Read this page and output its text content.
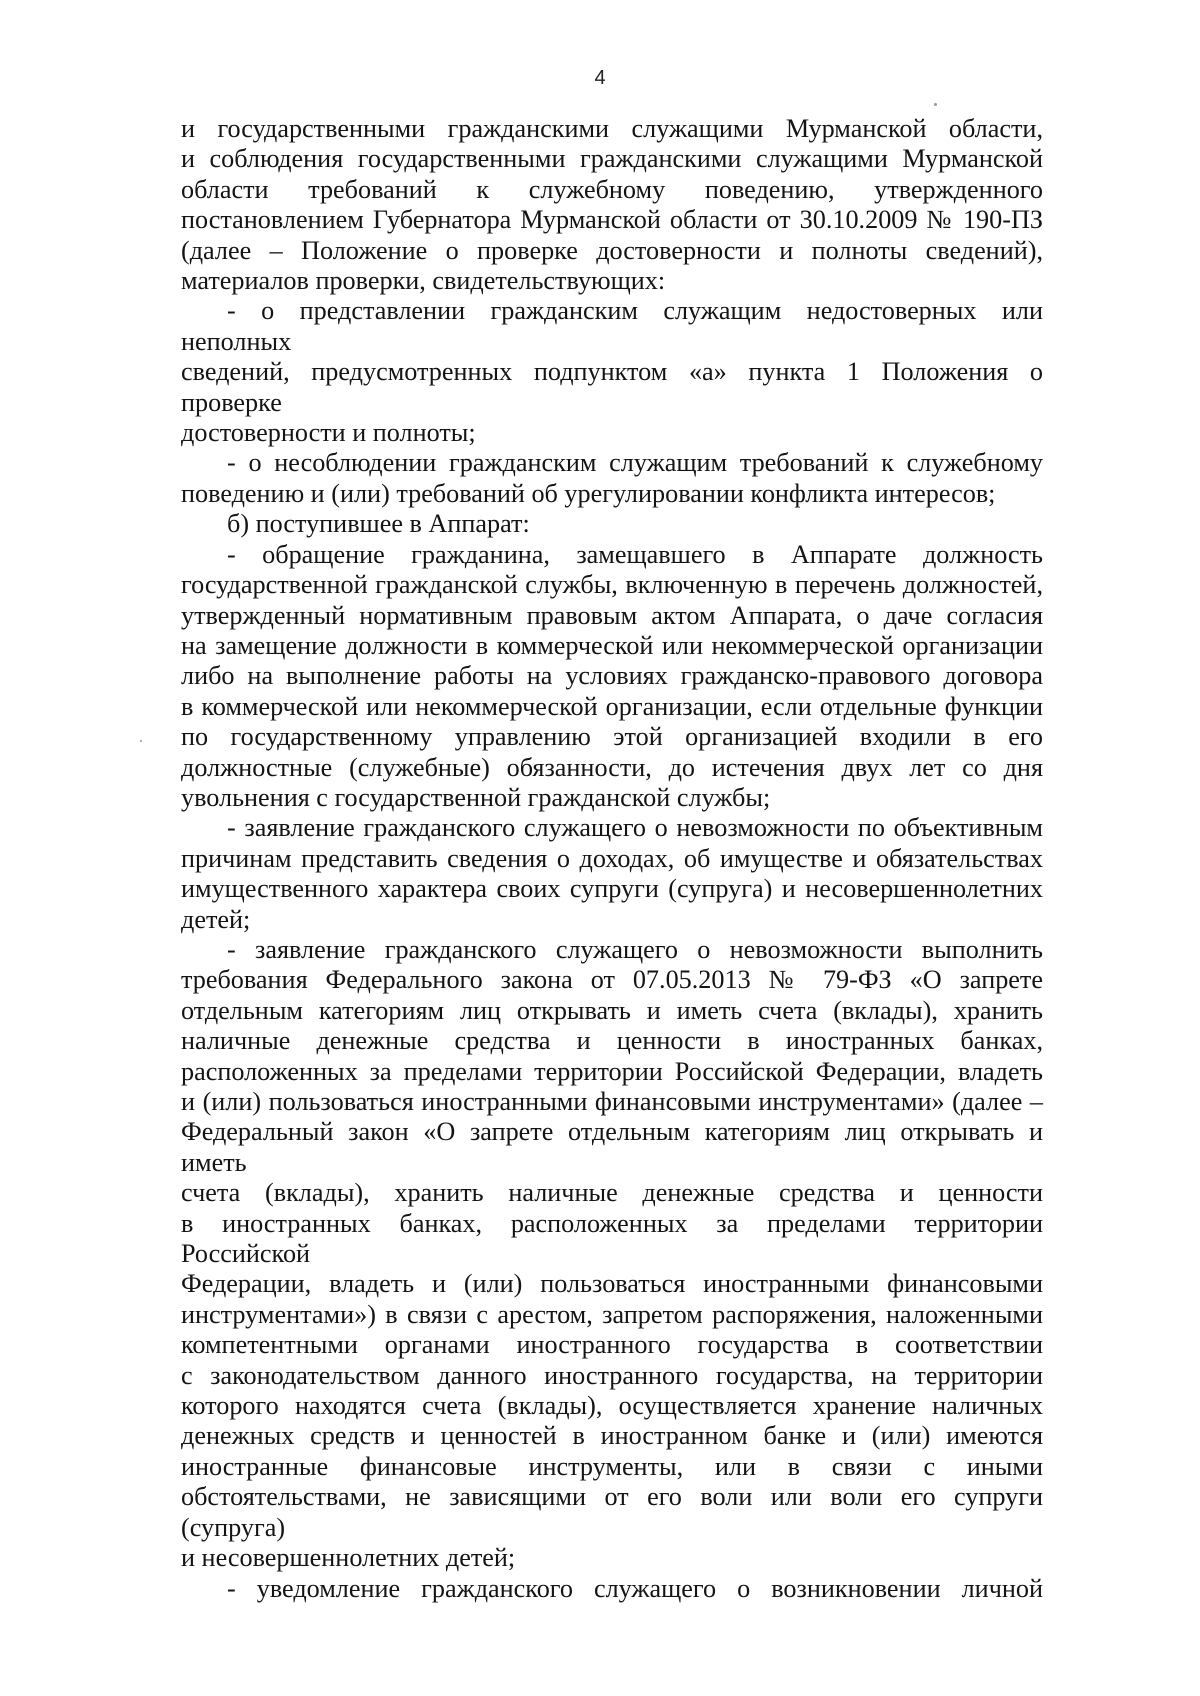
4

и государственными гражданскими служащими Мурманской области,

и соблюдения государственными гражданскими служащими Мурманской

области требований к служебному поведению, утвержденного

постановлением Губернатора Мурманской области от 30.10.2009 № 190-ПЗ

(далее – Положение о проверке достоверности и полноты сведений),

материалов проверки, свидетельствующих:

- о представлении гражданским служащим недостоверных или неполных

сведений, предусмотренных подпунктом «а» пункта 1 Положения о проверке

достоверности и полноты;

- о несоблюдении гражданским служащим требований к служебному

поведению и (или) требований об урегулировании конфликта интересов;

б) поступившее в Аппарат:

- обращение гражданина, замещавшего в Аппарате должность

государственной гражданской службы, включенную в перечень должностей,

утвержденный нормативным правовым актом Аппарата, о даче согласия

на замещение должности в коммерческой или некоммерческой организации

либо на выполнение работы на условиях гражданско-правового договора

в коммерческой или некоммерческой организации, если отдельные функции

по государственному управлению этой организацией входили в его

должностные (служебные) обязанности, до истечения двух лет со дня

увольнения с государственной гражданской службы;

- заявление гражданского служащего о невозможности по объективным

причинам представить сведения о доходах, об имуществе и обязательствах

имущественного характера своих супруги (супруга) и несовершеннолетних

детей;

- заявление гражданского служащего о невозможности выполнить

требования Федерального закона от 07.05.2013 № 79-ФЗ «О запрете

отдельным категориям лиц открывать и иметь счета (вклады), хранить

наличные денежные средства и ценности в иностранных банках,

расположенных за пределами территории Российской Федерации, владеть

и (или) пользоваться иностранными финансовыми инструментами» (далее –

Федеральный закон «О запрете отдельным категориям лиц открывать и иметь

счета (вклады), хранить наличные денежные средства и ценности

в иностранных банках, расположенных за пределами территории Российской

Федерации, владеть и (или) пользоваться иностранными финансовыми

инструментами») в связи с арестом, запретом распоряжения, наложенными

компетентными органами иностранного государства в соответствии

с законодательством данного иностранного государства, на территории

которого находятся счета (вклады), осуществляется хранение наличных

денежных средств и ценностей в иностранном банке и (или) имеются

иностранные финансовые инструменты, или в связи с иными

обстоятельствами, не зависящими от его воли или воли его супруги (супруга)

и несовершеннолетних детей;

- уведомление гражданского служащего о возникновении личной
